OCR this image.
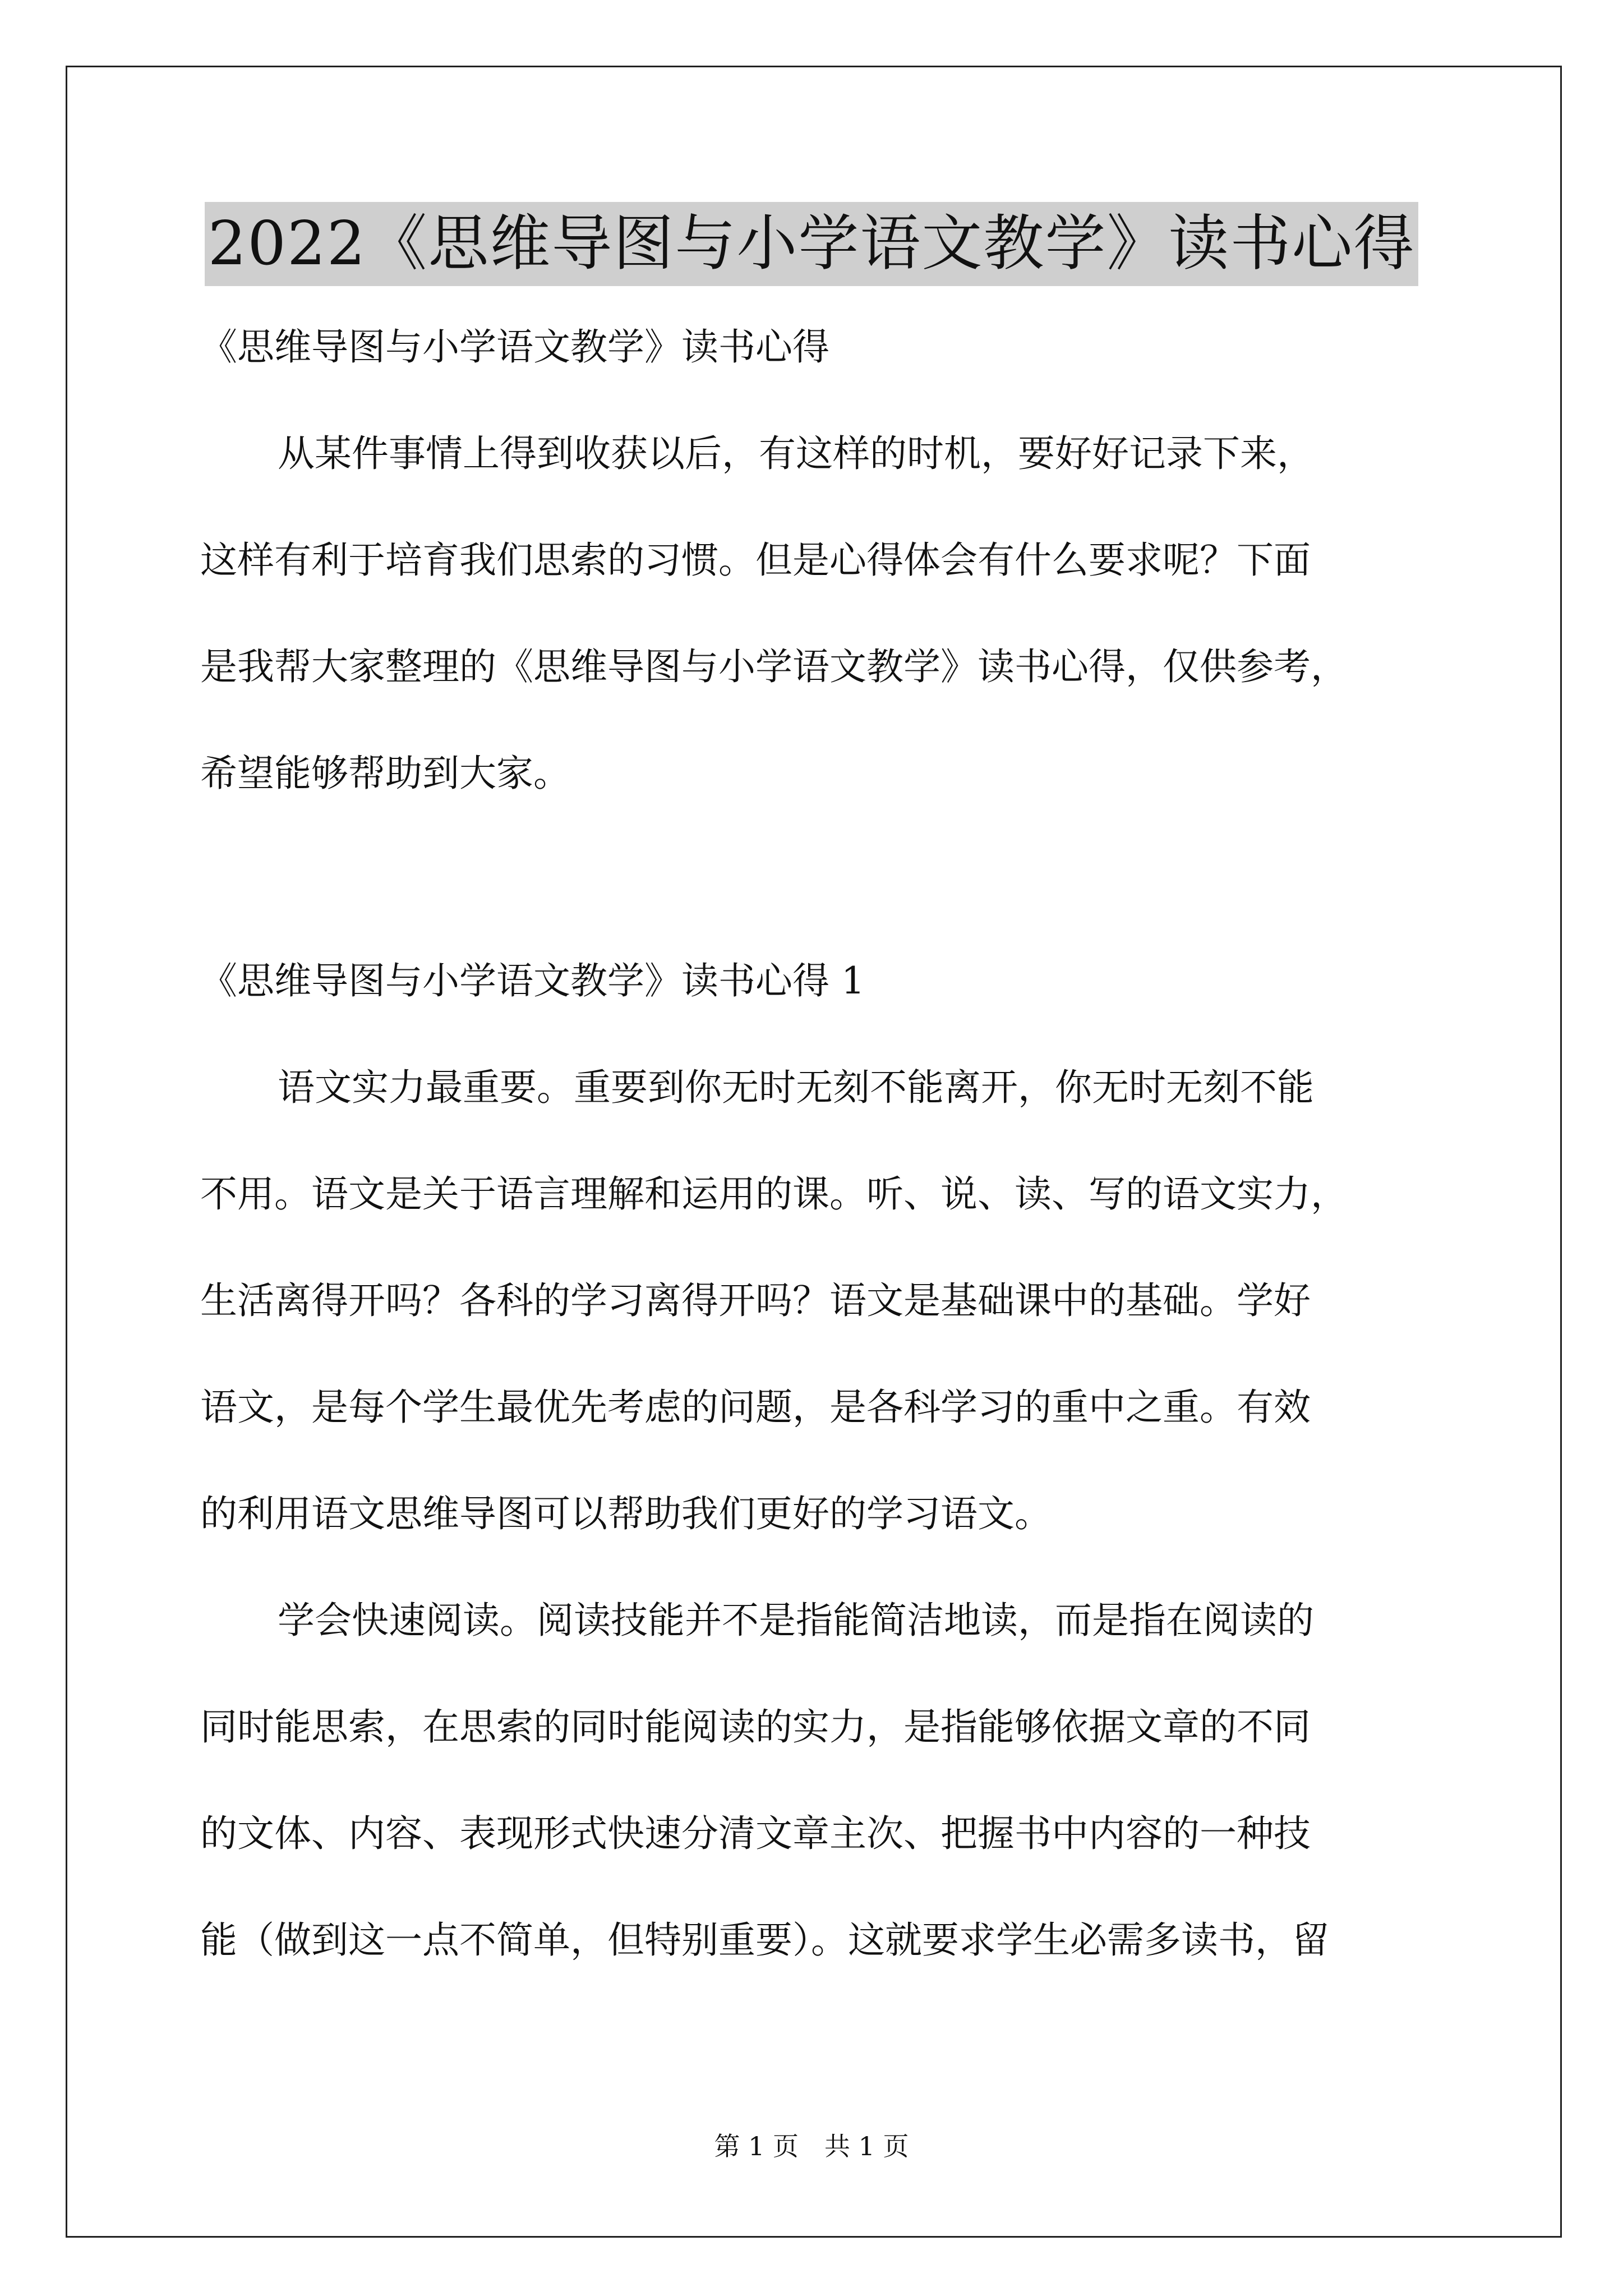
2022《思维导图与小学语文教学》读书心得
《思维导图与小学语文教学》读书心得
从某件事情上得到收获以后，有这样的时机，要好好记录下来，
这样有利于培育我们思索的习惯。但是心得体会有什么要求呢？下面
是我帮大家整理的《思维导图与小学语文教学》读书心得，仅供参考，
希望能够帮助到大家。
《思维导图与小学语文教学》读书心得 1
语文实力最重要。重要到你无时无刻不能离开，你无时无刻不能
不用。语文是关于语言理解和运用的课。听、说、读、写的语文实力，
生活离得开吗？各科的学习离得开吗？语文是基础课中的基础。学好
语文，是每个学生最优先考虑的问题，是各科学习的重中之重。有效
的利用语文思维导图可以帮助我们更好的学习语文。
学会快速阅读。阅读技能并不是指能简洁地读，而是指在阅读的
同时能思索，在思索的同时能阅读的实力，是指能够依据文章的不同
的文体、内容、表现形式快速分清文章主次、把握书中内容的一种技
能（做到这一点不简单，但特别重要）。这就要求学生必需多读书，留
第 1 页　共 1 页
